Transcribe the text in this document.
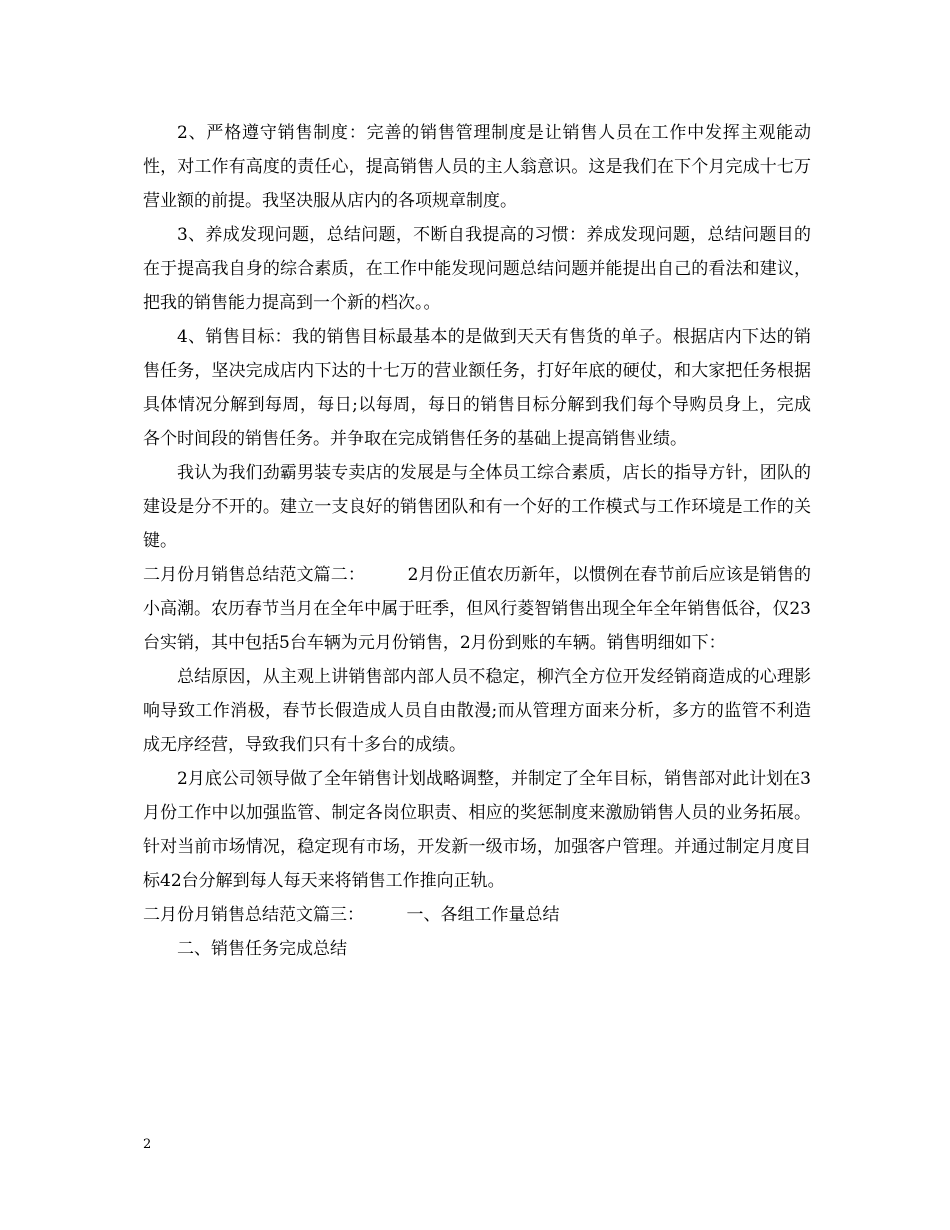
2、严格遵守销售制度：完善的销售管理制度是让销售人员在工作中发挥主观能动性，对工作有高度的责任心，提高销售人员的主人翁意识。这是我们在下个月完成十七万营业额的前提。我坚决服从店内的各项规章制度。

3、养成发现问题，总结问题，不断自我提高的习惯：养成发现问题，总结问题目的在于提高我自身的综合素质，在工作中能发现问题总结问题并能提出自己的看法和建议，把我的销售能力提高到一个新的档次。。

4、销售目标：我的销售目标最基本的是做到天天有售货的单子。根据店内下达的销售任务，坚决完成店内下达的十七万的营业额任务，打好年底的硬仗，和大家把任务根据具体情况分解到每周，每日;以每周，每日的销售目标分解到我们每个导购员身上，完成各个时间段的销售任务。并争取在完成销售任务的基础上提高销售业绩。

我认为我们劲霸男装专卖店的发展是与全体员工综合素质，店长的指导方针，团队的建设是分不开的。建立一支良好的销售团队和有一个好的工作模式与工作环境是工作的关键。

二月份月销售总结范文篇二：　　　2月份正值农历新年，以惯例在春节前后应该是销售的小高潮。农历春节当月在全年中属于旺季，但风行菱智销售出现全年全年销售低谷，仅23台实销，其中包括5台车辆为元月份销售，2月份到账的车辆。销售明细如下：

总结原因，从主观上讲销售部内部人员不稳定，柳汽全方位开发经销商造成的心理影响导致工作消极，春节长假造成人员自由散漫;而从管理方面来分析，多方的监管不利造成无序经营，导致我们只有十多台的成绩。

2月底公司领导做了全年销售计划战略调整，并制定了全年目标，销售部对此计划在3月份工作中以加强监管、制定各岗位职责、相应的奖惩制度来激励销售人员的业务拓展。针对当前市场情况，稳定现有市场，开发新一级市场，加强客户管理。并通过制定月度目标42台分解到每人每天来将销售工作推向正轨。

二月份月销售总结范文篇三：　　　一、各组工作量总结

二、销售任务完成总结

2
